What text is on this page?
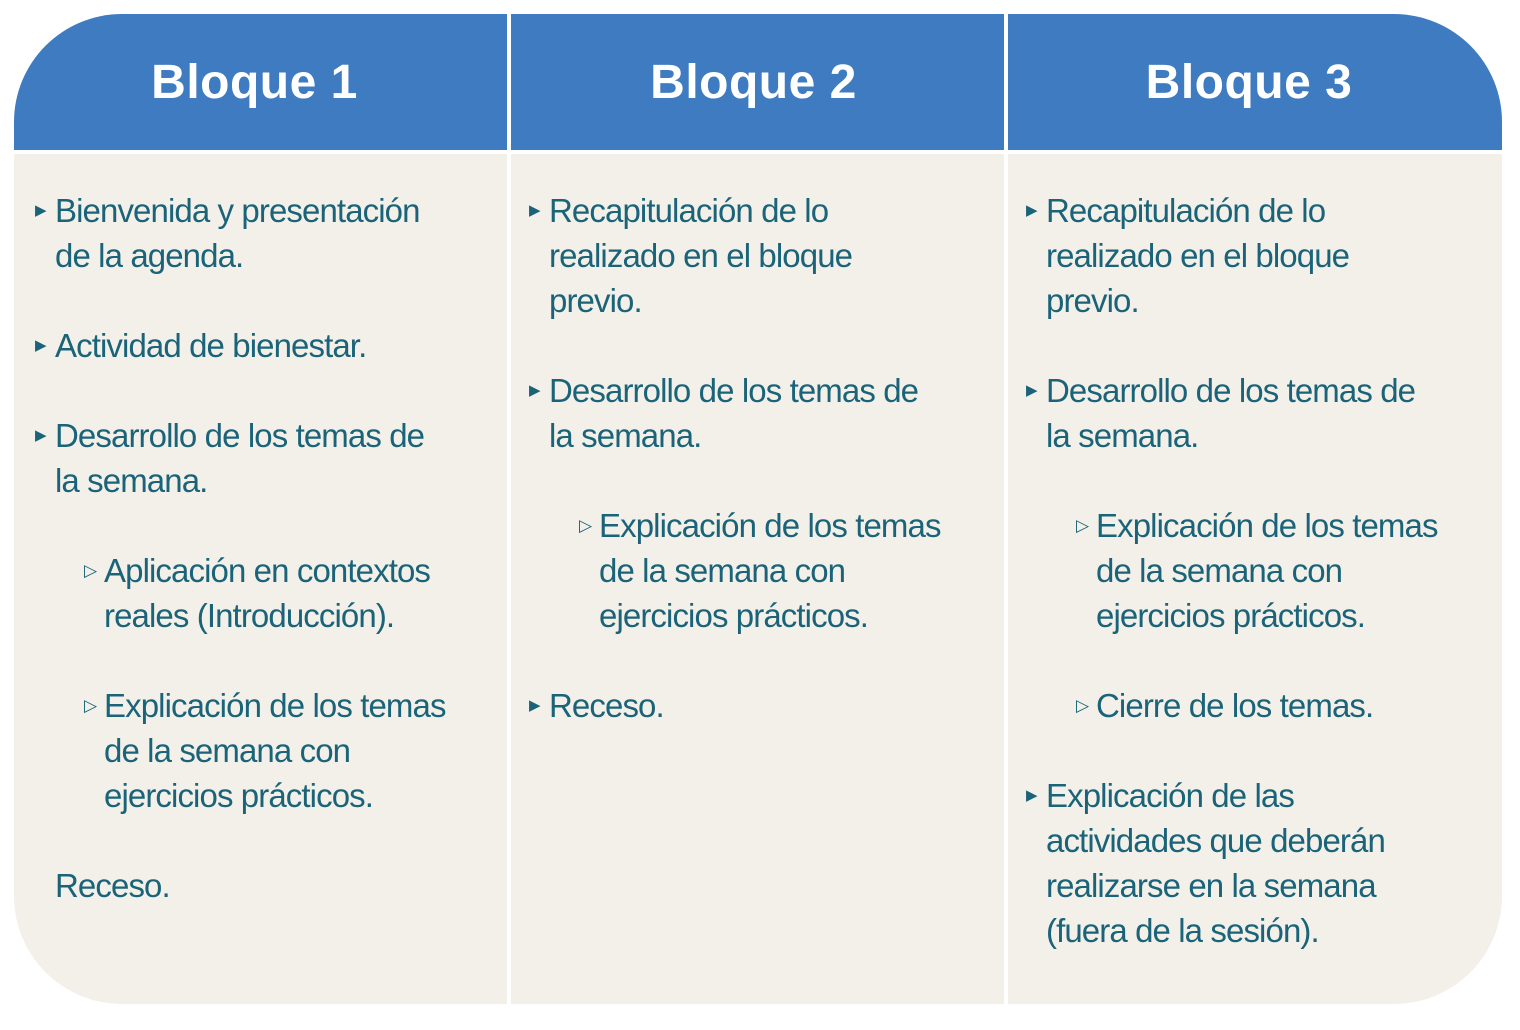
Bloque 1
▶ Bienvenida y presentación
de la agenda.
▶ Actividad de bienestar.
▶ Desarrollo de los temas de
la semana.
▷ Aplicación en contextos
reales (Introducción).
▷ Explicación de los temas
de la semana con
ejercicios prácticos.
Receso.
Bloque 2
▶ Recapitulación de lo
realizado en el bloque
previo.
▶ Desarrollo de los temas de
la semana.
▷ Explicación de los temas
de la semana con
ejercicios prácticos.
▶ Receso.
Bloque 3
▶ Recapitulación de lo
realizado en el bloque
previo.
▶ Desarrollo de los temas de
la semana.
▷ Explicación de los temas
de la semana con
ejercicios prácticos.
▷ Cierre de los temas.
▶ Explicación de las
actividades que deberán
realizarse en la semana
(fuera de la sesión).
